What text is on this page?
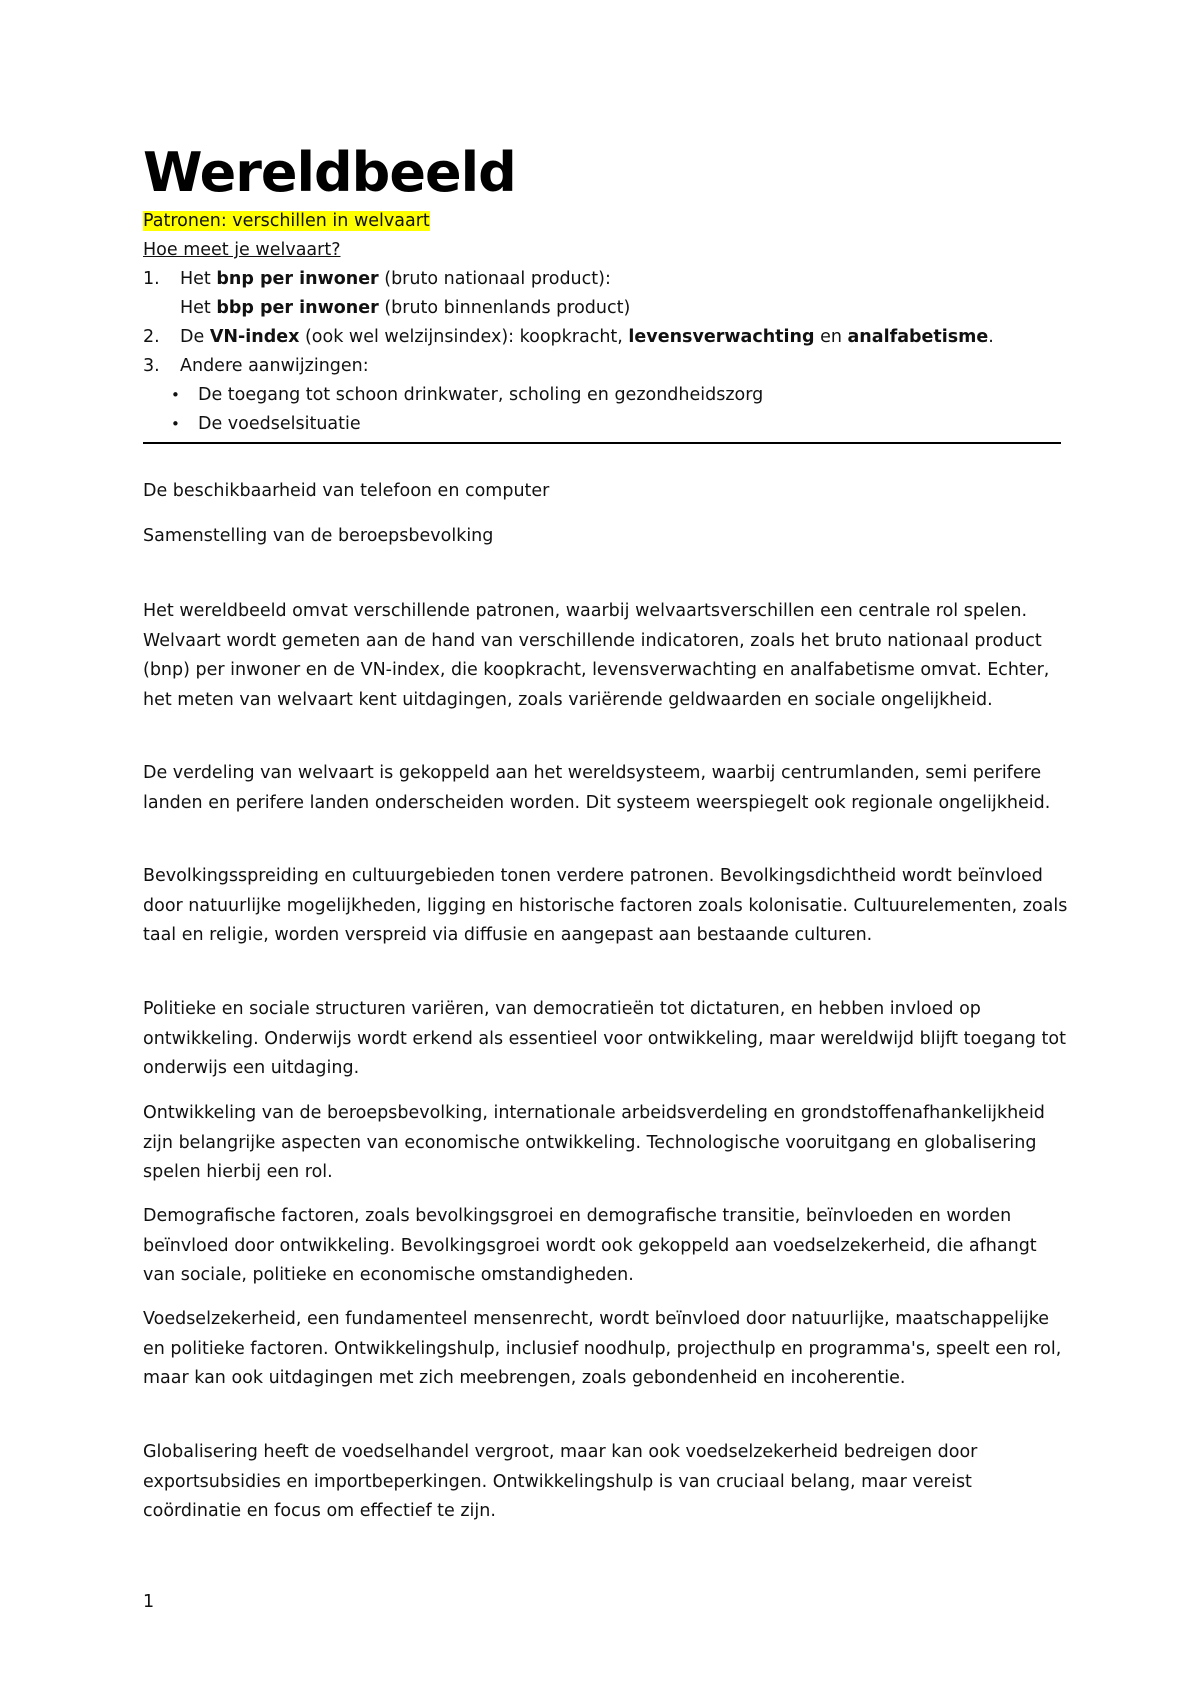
Wereldbeeld

Patronen: verschillen in welvaart

Hoe meet je welvaart?

1. Het bnp per inwoner (bruto nationaal product):

Het bbp per inwoner (bruto binnenlands product)

2. De VN-index (ook wel welzijnsindex): koopkracht, levensverwachting en analfabetisme.

3. Andere aanwijzingen:

• De toegang tot schoon drinkwater, scholing en gezondheidszorg

• De voedselsituatie

De beschikbaarheid van telefoon en computer

Samenstelling van de beroepsbevolking

Het wereldbeeld omvat verschillende patronen, waarbij welvaartsverschillen een centrale rol spelen. Welvaart wordt gemeten aan de hand van verschillende indicatoren, zoals het bruto nationaal product (bnp) per inwoner en de VN-index, die koopkracht, levensverwachting en analfabetisme omvat. Echter, het meten van welvaart kent uitdagingen, zoals variërende geldwaarden en sociale ongelijkheid.

De verdeling van welvaart is gekoppeld aan het wereldsysteem, waarbij centrumlanden, semi perifere landen en perifere landen onderscheiden worden. Dit systeem weerspiegelt ook regionale ongelijkheid.

Bevolkingsspreiding en cultuurgebieden tonen verdere patronen. Bevolkingsdichtheid wordt beïnvloed door natuurlijke mogelijkheden, ligging en historische factoren zoals kolonisatie. Cultuurelementen, zoals taal en religie, worden verspreid via diffusie en aangepast aan bestaande culturen.

Politieke en sociale structuren variëren, van democratieën tot dictaturen, en hebben invloed op ontwikkeling. Onderwijs wordt erkend als essentieel voor ontwikkeling, maar wereldwijd blijft toegang tot onderwijs een uitdaging.

Ontwikkeling van de beroepsbevolking, internationale arbeidsverdeling en grondstoffenafhankelijkheid zijn belangrijke aspecten van economische ontwikkeling. Technologische vooruitgang en globalisering spelen hierbij een rol.

Demografische factoren, zoals bevolkingsgroei en demografische transitie, beïnvloeden en worden beïnvloed door ontwikkeling. Bevolkingsgroei wordt ook gekoppeld aan voedselzekerheid, die afhangt van sociale, politieke en economische omstandigheden.

Voedselzekerheid, een fundamenteel mensenrecht, wordt beïnvloed door natuurlijke, maatschappelijke en politieke factoren. Ontwikkelingshulp, inclusief noodhulp, projecthulp en programma's, speelt een rol, maar kan ook uitdagingen met zich meebrengen, zoals gebondenheid en incoherentie.

Globalisering heeft de voedselhandel vergroot, maar kan ook voedselzekerheid bedreigen door exportsubsidies en importbeperkingen. Ontwikkelingshulp is van cruciaal belang, maar vereist coördinatie en focus om effectief te zijn.

1
